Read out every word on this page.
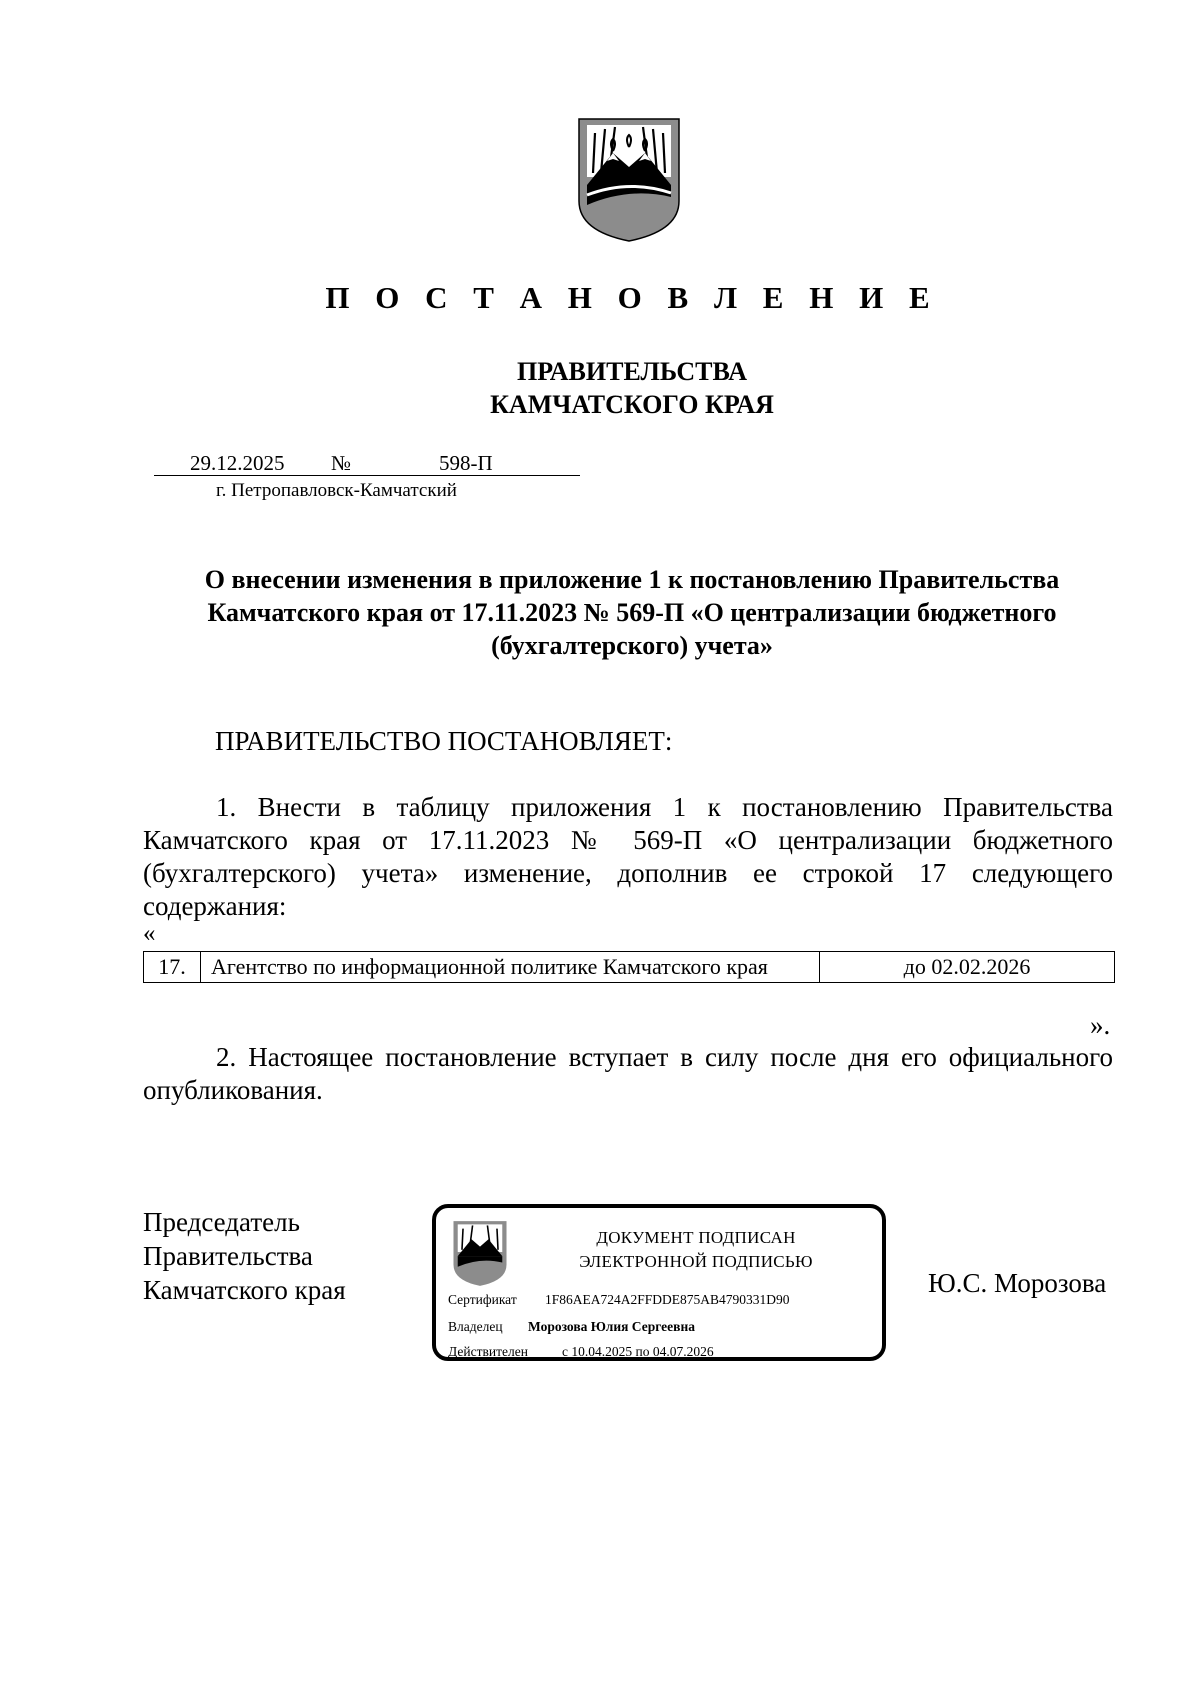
П О С Т А Н О В Л Е Н И Е
ПРАВИТЕЛЬСТВА
КАМЧАТСКОГО КРАЯ
29.12.2025 №	598-П
г. Петропавловск-Камчатский
О внесении изменения в приложение 1 к постановлению Правительства
Камчатского края от 17.11.2023 № 569-П «О централизации бюджетного
(бухгалтерского) учета»
ПРАВИТЕЛЬСТВО ПОСТАНОВЛЯЕТ:
1. Внести в таблицу приложения 1 к постановлению Правительства Камчатского края от 17.11.2023 № 569-П «О централизации бюджетного (бухгалтерского) учета» изменение, дополнив ее строкой 17 следующего содержания:
«
17.	Агентство по информационной политике Камчатского края	до 02.02.2026
».
2. Настоящее постановление вступает в силу после дня его официального опубликования.
Председатель
Правительства
Камчатского края
ДОКУМЕНТ ПОДПИСАН
ЭЛЕКТРОННОЙ ПОДПИСЬЮ
Сертификат 1F86AEA724A2FFDDE875AB4790331D90
Владелец Морозова Юлия Сергеевна
Действителен	с 10.04.2025 по 04.07.2026
Ю.С. Морозова
